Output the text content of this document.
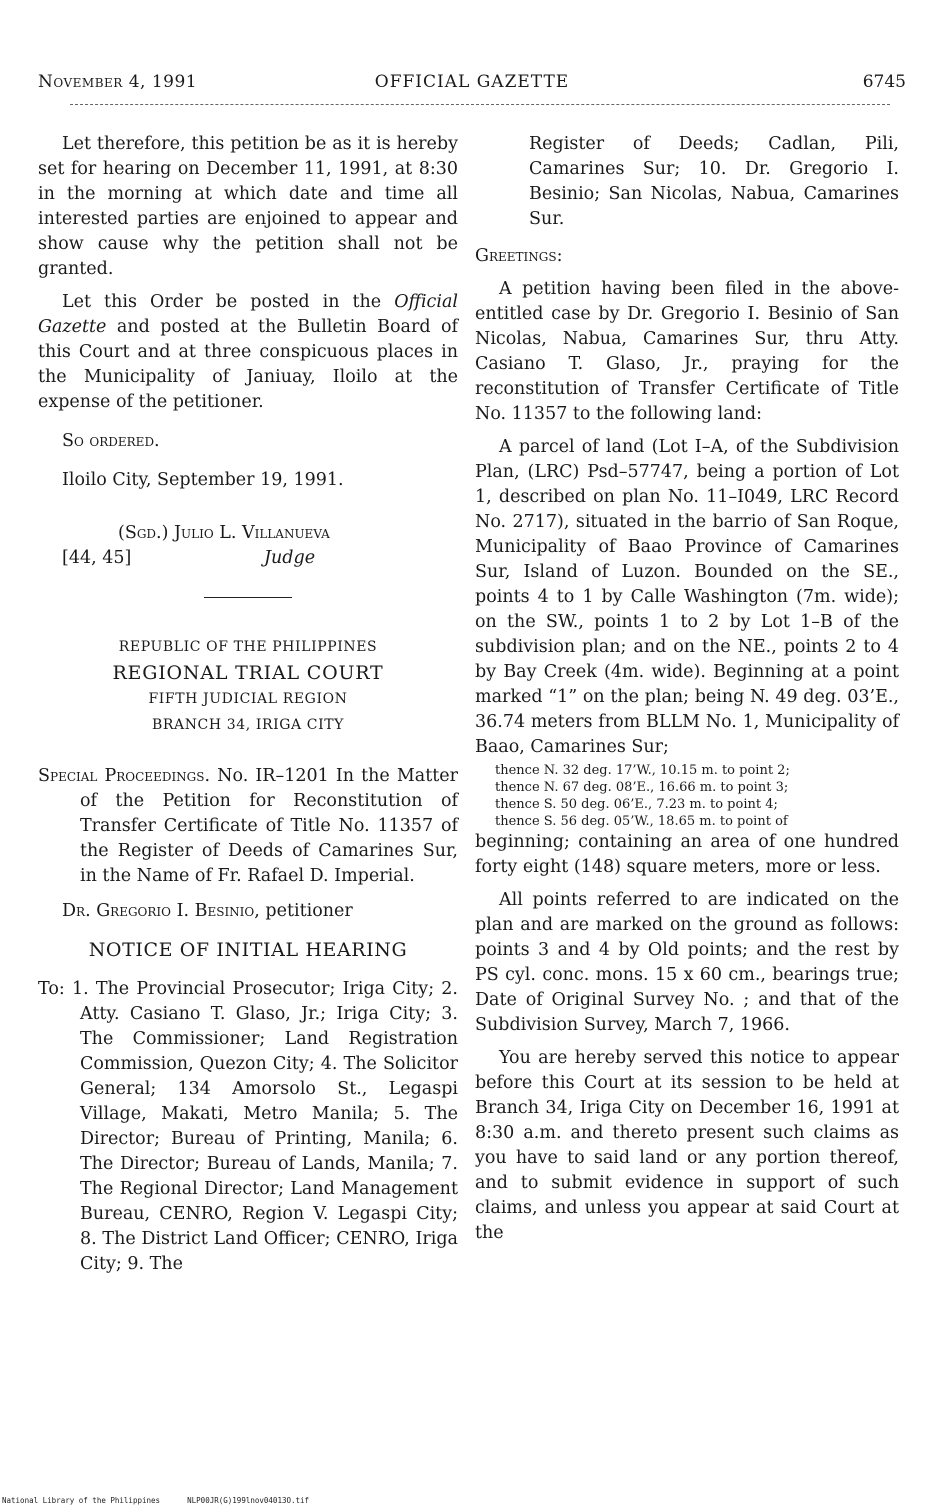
November 4, 1991	OFFICIAL GAZETTE	6745

Let therefore, this petition be as it is hereby set for hearing on December 11, 1991, at 8:30 in the morning at which date and time all interested parties are enjoined to appear and show cause why the petition shall not be granted.

Let this Order be posted in the Official Gazette and posted at the Bulletin Board of this Court and at three conspicuous places in the Municipality of Janiuay, Iloilo at the expense of the petitioner.

So ordered.

Iloilo City, September 19, 1991.

(Sgd.) Julio L. Villanueva
[44, 45]	Judge
REPUBLIC OF THE PHILIPPINES
REGIONAL TRIAL COURT
FIFTH JUDICIAL REGION
BRANCH 34, IRIGA CITY
Special Proceedings. No. IR–1201 In the Matter of the Petition for Reconstitution of Transfer Certificate of Title No. 11357 of the Register of Deeds of Camarines Sur, in the Name of Fr. Rafael D. Imperial.

Dr. Gregorio I. Besinio, petitioner

NOTICE OF INITIAL HEARING
To: 1. The Provincial Prosecutor; Iriga City; 2. Atty. Casiano T. Glaso, Jr.; Iriga City; 3. The Commissioner; Land Registration Commission, Quezon City; 4. The Solicitor General; 134 Amorsolo St., Legaspi Village, Makati, Metro Manila; 5. The Director; Bureau of Printing, Manila; 6. The Director; Bureau of Lands, Manila; 7. The Regional Director; Land Management Bureau, CENRO, Region V. Legaspi City; 8. The District Land Officer; CENRO, Iriga City; 9. The
Register of Deeds; Cadlan, Pili, Camarines Sur; 10. Dr. Gregorio I. Besinio; San Nicolas, Nabua, Camarines Sur.

Greetings:

A petition having been filed in the above-entitled case by Dr. Gregorio I. Besinio of San Nicolas, Nabua, Camarines Sur, thru Atty. Casiano T. Glaso, Jr., praying for the reconstitution of Transfer Certificate of Title No. 11357 to the following land:

A parcel of land (Lot I–A, of the Subdivision Plan, (LRC) Psd–57747, being a portion of Lot 1, described on plan No. 11–I049, LRC Record No. 2717), situated in the barrio of San Roque, Municipality of Baao Province of Camarines Sur, Island of Luzon. Bounded on the SE., points 4 to 1 by Calle Washington (7m. wide); on the SW., points 1 to 2 by Lot 1–B of the subdivision plan; and on the NE., points 2 to 4 by Bay Creek (4m. wide). Beginning at a point marked “1” on the plan; being N. 49 deg. 03’E., 36.74 meters from BLLM No. 1, Municipality of Baao, Camarines Sur;

thence N. 32 deg. 17’W., 10.15 m. to point 2;
thence N. 67 deg. 08’E., 16.66 m. to point 3;
thence S. 50 deg. 06’E., 7.23 m. to point 4;
thence S. 56 deg. 05’W., 18.65 m. to point of

beginning; containing an area of one hundred forty eight (148) square meters, more or less.

All points referred to are indicated on the plan and are marked on the ground as follows: points 3 and 4 by Old points; and the rest by PS cyl. conc. mons. 15 x 60 cm., bearings true; Date of Original Survey No. ; and that of the Subdivision Survey, March 7, 1966.

You are hereby served this notice to appear before this Court at its session to be held at Branch 34, Iriga City on December 16, 1991 at 8:30 a.m. and thereto present such claims as you have to said land or any portion thereof, and to submit evidence in support of such claims, and unless you appear at said Court at the

National Library of the Philippines      NLP00JR(G)199lnov04013O.tif
